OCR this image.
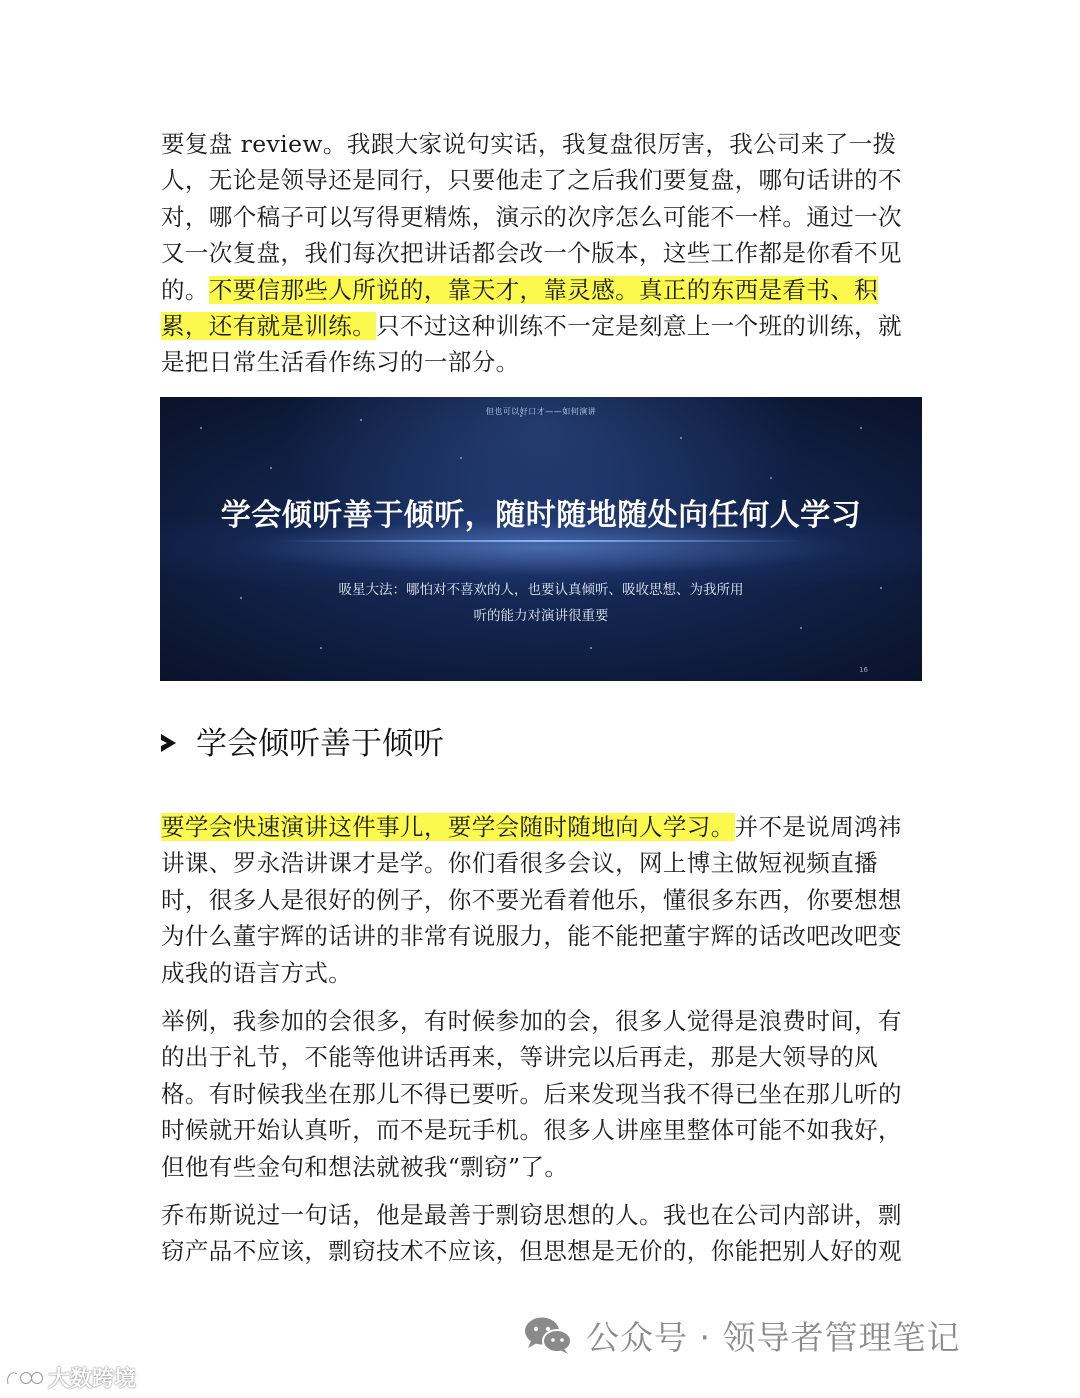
要复盘 review。我跟大家说句实话，我复盘很厉害，我公司来了一拨人，无论是领导还是同行，只要他走了之后我们要复盘，哪句话讲的不对，哪个稿子可以写得更精炼，演示的次序怎么可能不一样。通过一次又一次复盘，我们每次把讲话都会改一个版本，这些工作都是你看不见的。不要信那些人所说的，靠天才，靠灵感。真正的东西是看书、积累，还有就是训练。只不过这种训练不一定是刻意上一个班的训练，就是把日常生活看作练习的一部分。

但也可以好口才——如何演讲
学会倾听善于倾听，随时随地随处向任何人学习
吸星大法：哪怕对不喜欢的人，也要认真倾听、吸收思想、为我所用
听的能力对演讲很重要
16
学会倾听善于倾听

要学会快速演讲这件事儿，要学会随时随地向人学习。并不是说周鸿祎讲课、罗永浩讲课才是学。你们看很多会议，网上博主做短视频直播时，很多人是很好的例子，你不要光看着他乐，懂很多东西，你要想想为什么董宇辉的话讲的非常有说服力，能不能把董宇辉的话改吧改吧变成我的语言方式。

举例，我参加的会很多，有时候参加的会，很多人觉得是浪费时间，有的出于礼节，不能等他讲话再来，等讲完以后再走，那是大领导的风格。有时候我坐在那儿不得已要听。后来发现当我不得已坐在那儿听的时候就开始认真听，而不是玩手机。很多人讲座里整体可能不如我好，但他有些金句和想法就被我“剽窃”了。

乔布斯说过一句话，他是最善于剽窃思想的人。我也在公司内部讲，剽窃产品不应该，剽窃技术不应该，但思想是无价的，你能把别人好的观

公众号 · 领导者管理笔记
大数跨境
